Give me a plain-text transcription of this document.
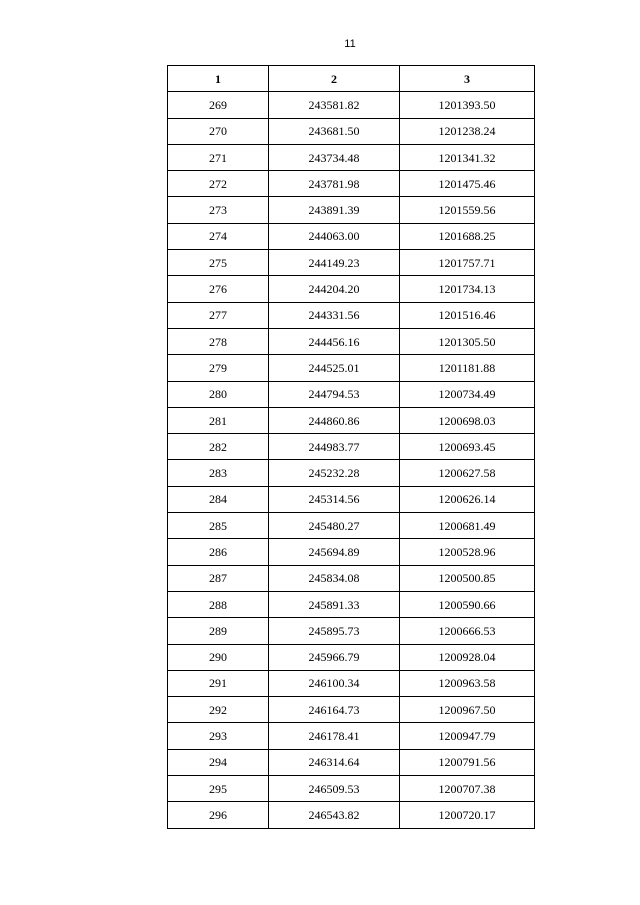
11
1	2	3
269	243581.82	1201393.50
270	243681.50	1201238.24
271	243734.48	1201341.32
272	243781.98	1201475.46
273	243891.39	1201559.56
274	244063.00	1201688.25
275	244149.23	1201757.71
276	244204.20	1201734.13
277	244331.56	1201516.46
278	244456.16	1201305.50
279	244525.01	1201181.88
280	244794.53	1200734.49
281	244860.86	1200698.03
282	244983.77	1200693.45
283	245232.28	1200627.58
284	245314.56	1200626.14
285	245480.27	1200681.49
286	245694.89	1200528.96
287	245834.08	1200500.85
288	245891.33	1200590.66
289	245895.73	1200666.53
290	245966.79	1200928.04
291	246100.34	1200963.58
292	246164.73	1200967.50
293	246178.41	1200947.79
294	246314.64	1200791.56
295	246509.53	1200707.38
296	246543.82	1200720.17
